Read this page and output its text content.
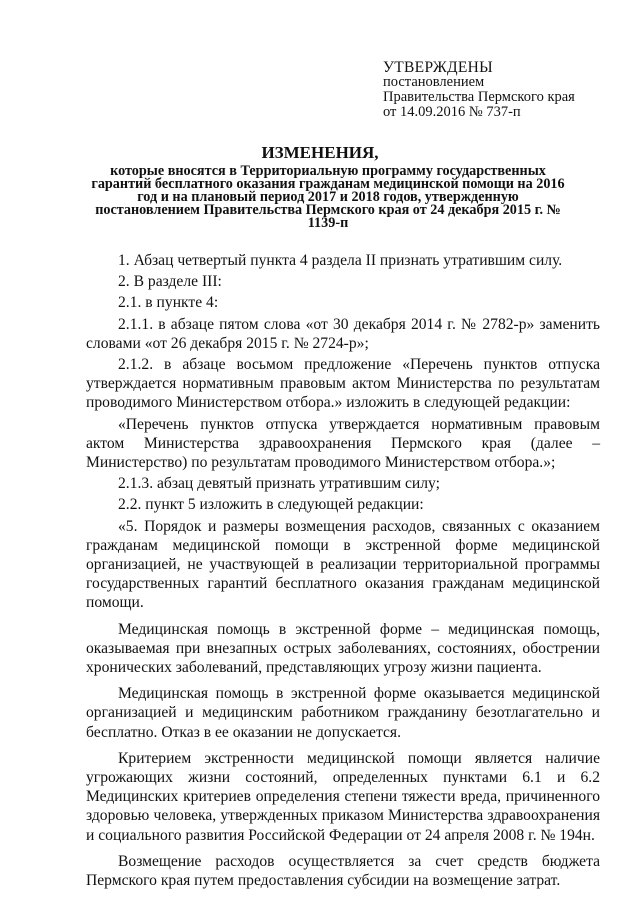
УТВЕРЖДЕНЫ
постановлением
Правительства Пермского края
от 14.09.2016 № 737-п
ИЗМЕНЕНИЯ,
которые вносятся в Территориальную программу государственных гарантий бесплатного оказания гражданам медицинской помощи на 2016 год и на плановый период 2017 и 2018 годов, утвержденную постановлением Правительства Пермского края от 24 декабря 2015 г. № 1139-п

1. Абзац четвертый пункта 4 раздела II признать утратившим силу.

2. В разделе III:

2.1. в пункте 4:

2.1.1. в абзаце пятом слова «от 30 декабря 2014 г. № 2782-р» заменить словами «от 26 декабря 2015 г. № 2724-р»;

2.1.2. в абзаце восьмом предложение «Перечень пунктов отпуска утверждается нормативным правовым актом Министерства по результатам проводимого Министерством отбора.» изложить в следующей редакции:

«Перечень пунктов отпуска утверждается нормативным правовым актом Министерства здравоохранения Пермского края (далее – Министерство) по результатам проводимого Министерством отбора.»;

2.1.3. абзац девятый признать утратившим силу;

2.2. пункт 5 изложить в следующей редакции:

«5. Порядок и размеры возмещения расходов, связанных с оказанием гражданам медицинской помощи в экстренной форме медицинской организацией, не участвующей в реализации территориальной программы государственных гарантий бесплатного оказания гражданам медицинской помощи.

Медицинская помощь в экстренной форме – медицинская помощь, оказываемая при внезапных острых заболеваниях, состояниях, обострении хронических заболеваний, представляющих угрозу жизни пациента.

Медицинская помощь в экстренной форме оказывается медицинской организацией и медицинским работником гражданину безотлагательно и бесплатно. Отказ в ее оказании не допускается.

Критерием экстренности медицинской помощи является наличие угрожающих жизни состояний, определенных пунктами 6.1 и 6.2 Медицинских критериев определения степени тяжести вреда, причиненного здоровью человека, утвержденных приказом Министерства здравоохранения и социального развития Российской Федерации от 24 апреля 2008 г. № 194н.

Возмещение расходов осуществляется за счет средств бюджета Пермского края путем предоставления субсидии на возмещение затрат.
